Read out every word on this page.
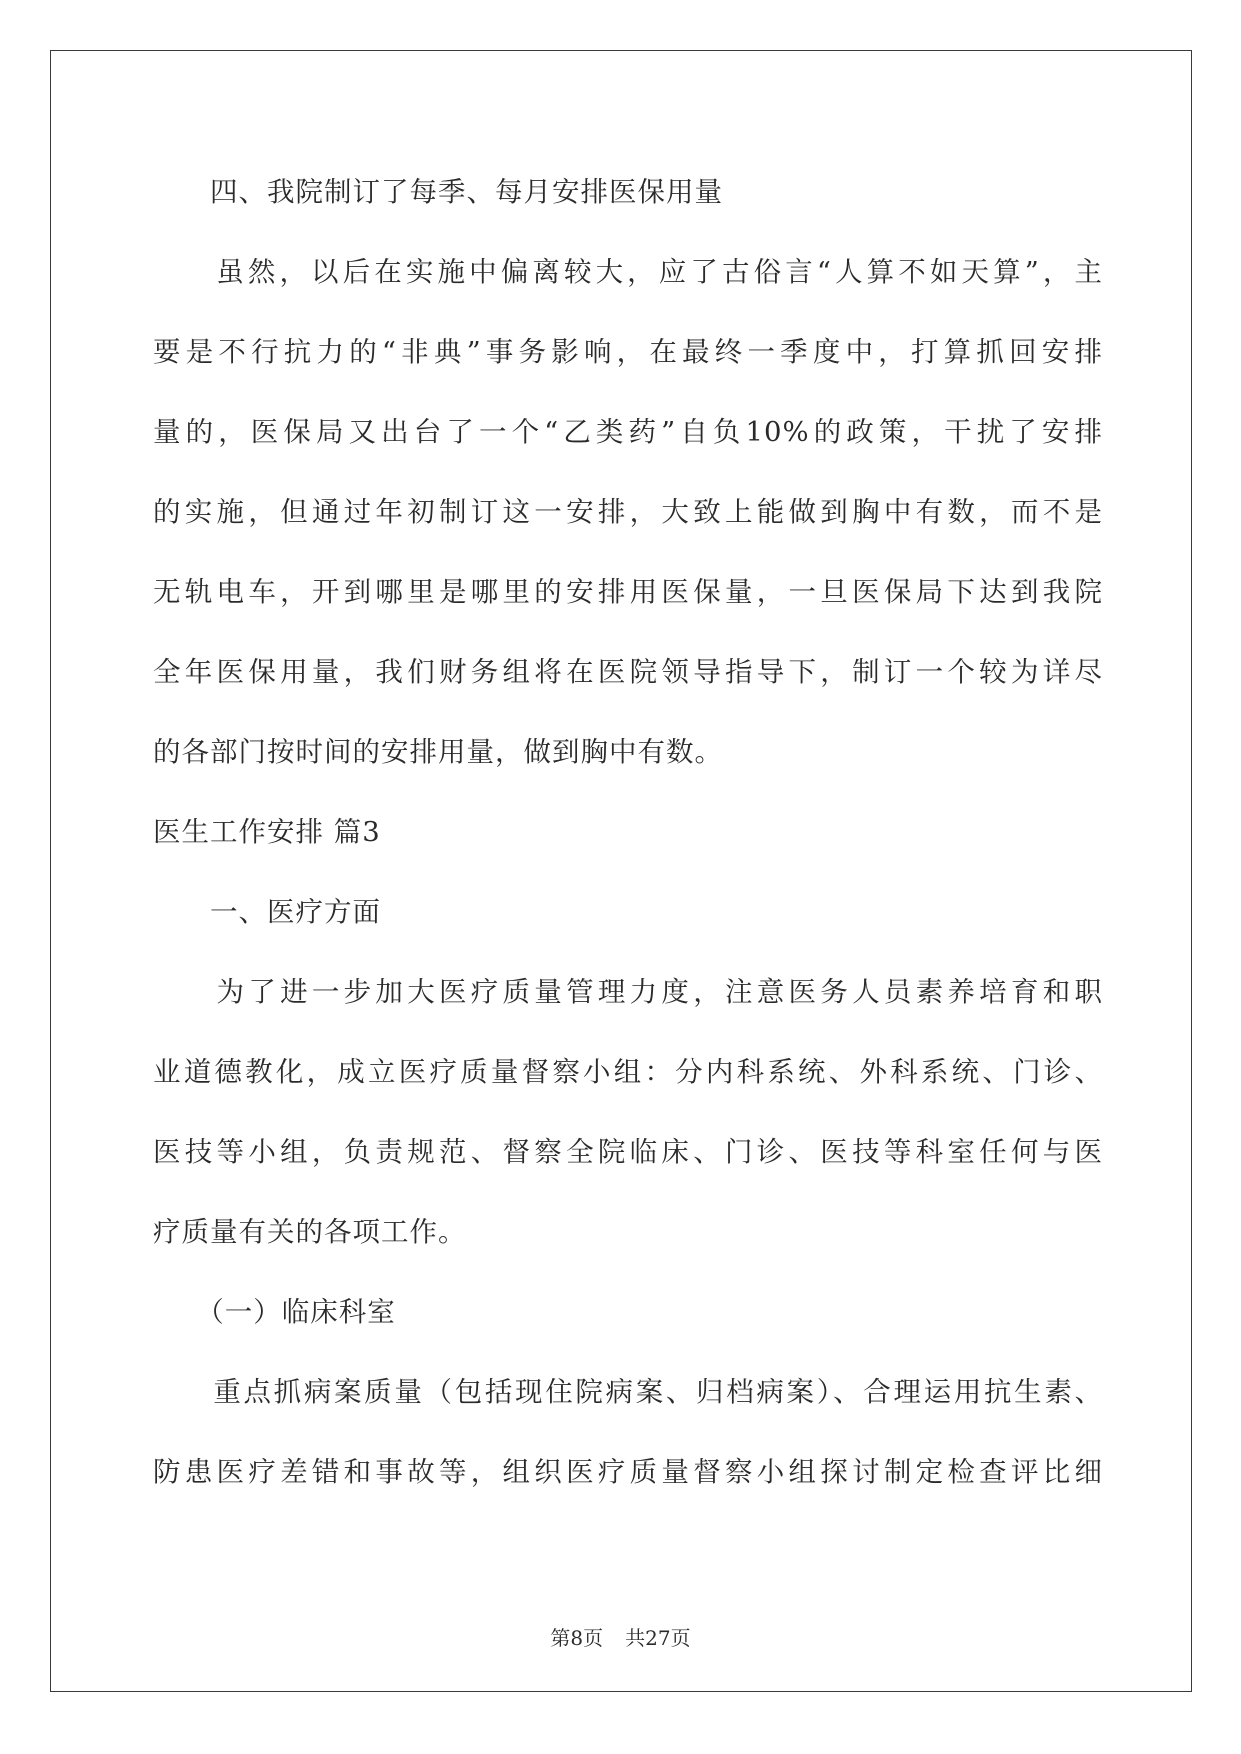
　　四、我院制订了每季、每月安排医保用量
　　虽然，以后在实施中偏离较大，应了古俗言“人算不如天算”，主
要是不行抗力的“非典”事务影响，在最终一季度中，打算抓回安排
量的，医保局又出台了一个“乙类药”自负10%的政策，干扰了安排
的实施，但通过年初制订这一安排，大致上能做到胸中有数，而不是
无轨电车，开到哪里是哪里的安排用医保量，一旦医保局下达到我院
全年医保用量，我们财务组将在医院领导指导下，制订一个较为详尽
的各部门按时间的安排用量，做到胸中有数。
医生工作安排 篇3
　　一、医疗方面
　　为了进一步加大医疗质量管理力度，注意医务人员素养培育和职
业道德教化，成立医疗质量督察小组：分内科系统、外科系统、门诊、
医技等小组，负责规范、督察全院临床、门诊、医技等科室任何与医
疗质量有关的各项工作。
　　（一）临床科室
　　重点抓病案质量（包括现住院病案、归档病案）、合理运用抗生素、
防患医疗差错和事故等，组织医疗质量督察小组探讨制定检查评比细
第8页 共27页
